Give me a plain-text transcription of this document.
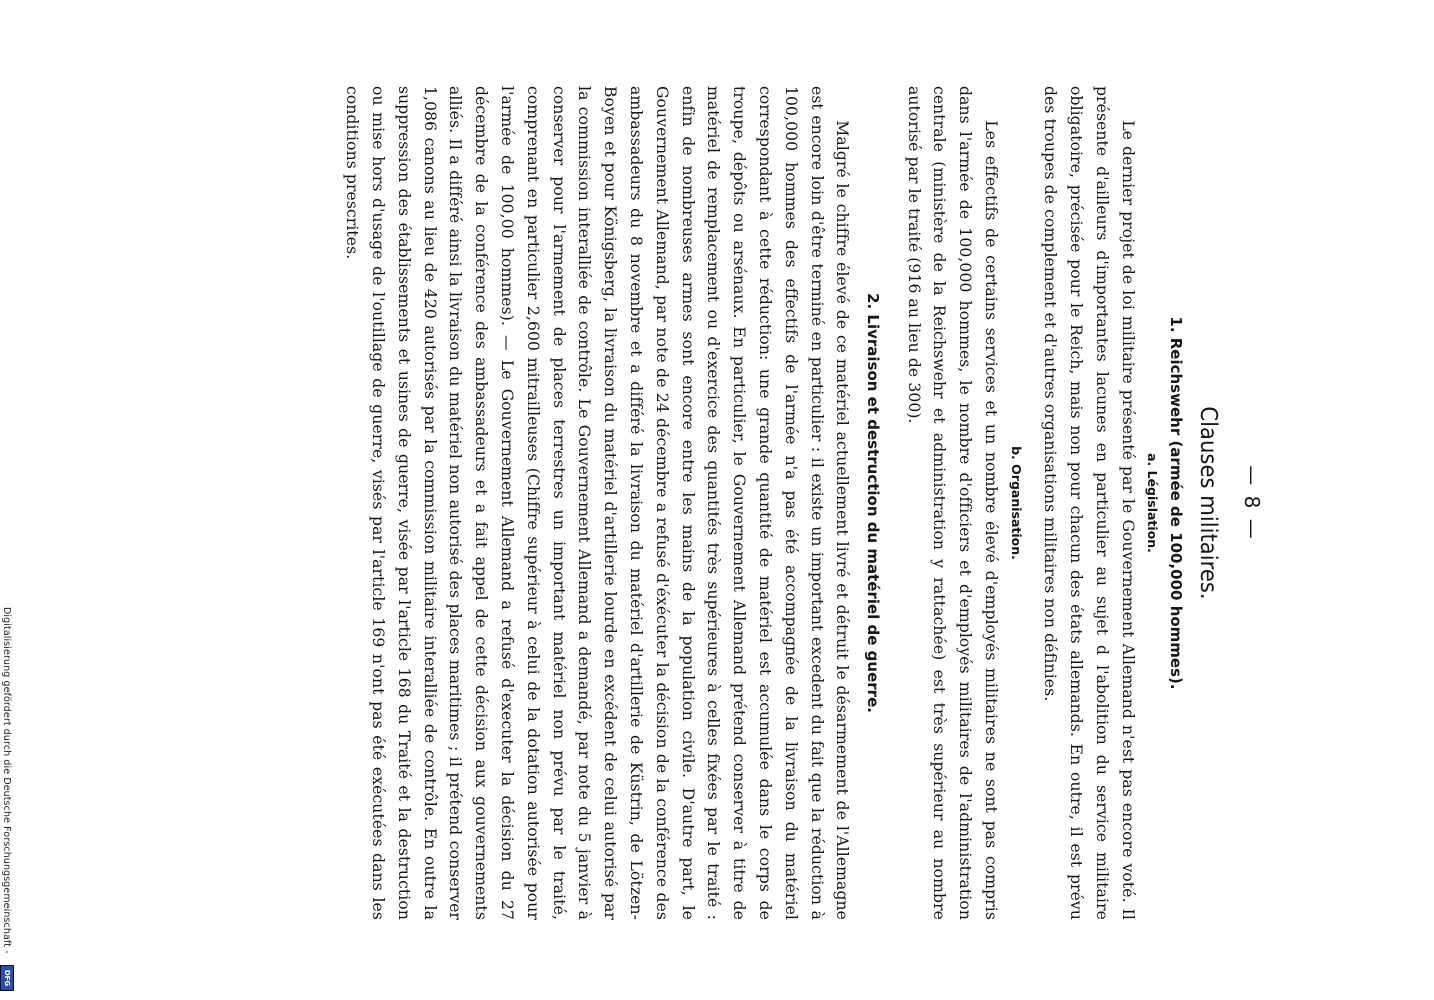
— 8 —
Clauses militaires.
1. Reichswehr (armée de 100,000 hommes).
a. Législation.

Le dernier projet de loi militaire présenté par le Gouvernement Allemand n'est pas encore voté. Il présente d'ailleurs d'importantes lacunes en particulier au sujet d l'abolition du service militaire obligatoire, précisée pour le Reich, mais non pour chacun des états allemands. En outre, il est prévu des troupes de complement et d'autres organisations militaires non définies.

b. Organisation.

Les effectifs de certains services et un nombre élevé d'employés militaires ne sont pas compris dans l'armée de 100,000 hommes, le nombre d'officiers et d'employés militaires de l'administration centrale (ministère de la Reichswehr et administration y rattachée) est très supérieur au nombre autorisé par le traité (916 au lieu de 300).

2. Livraison et destruction du matériel de guerre.

Malgré le chiffre élevé de ce matériel actuellement livré et détruit le désarmement de l'Allemagne est encore loin d'être terminé en particulier : il existe un important excedent du fait que la réduction à 100,000 hommes des effectifs de l'armée n'a pas été accompagnée de la livraison du matériel correspondant à cette réduction: une grande quantité de matériel est accumulée dans le corps de troupe, dépôts ou arsénaux. En particulier, le Gouvernement Allemand prétend conserver à titre de matériel de remplacement ou d'exercice des quantités très supérieures à celles fixées par le traité : enfin de nombreuses armes sont encore entre les mains de la population civile. D'autre part, le Gouvernement Allemand, par note de 24 décembre a refusé d'éxécuter la décision de la conférence des ambassadeurs du 8 novembre et a différé la livraison du matériel d'artillerie de Küstrin, de Lötzen-Boyen et pour Königsberg, la livraison du matériel d'artillerie lourde en excédent de celui autorisé par la commission interalliée de contrôle. Le Gouvernement Allemand a demandé, par note du 5 janvier à conserver pour l'armement de places terrestres un important matériel non prévu par le traité, comprenant en particulier 2,600 mitrailleuses (Chiffre supérieur à celui de la dotation autorisée pour l'armée de 100,00 hommes). — Le Gouvernement Allemand a refusé d'executer la décision du 27 décembre de la conférence des ambassadeurs et a fait appel de cette décision aux gouvernements alliés. Il a différé ainsi la livraison du matériel non autorisé des places maritimes ; il prétend conserver 1,086 canons au lieu de 420 autorisés par la commission militaire interalliée de contrôle. En outre la suppression des établissements et usines de guerre, visée par l'article 168 du Traité et la destruction ou mise hors d'usage de l'outillage de guerre, visés par l'article 169 n'ont pas été exécutées dans les conditions prescrites.

Digitalisierung gefördert durch die Deutsche Forschungsgemeinschaft -
DFG
